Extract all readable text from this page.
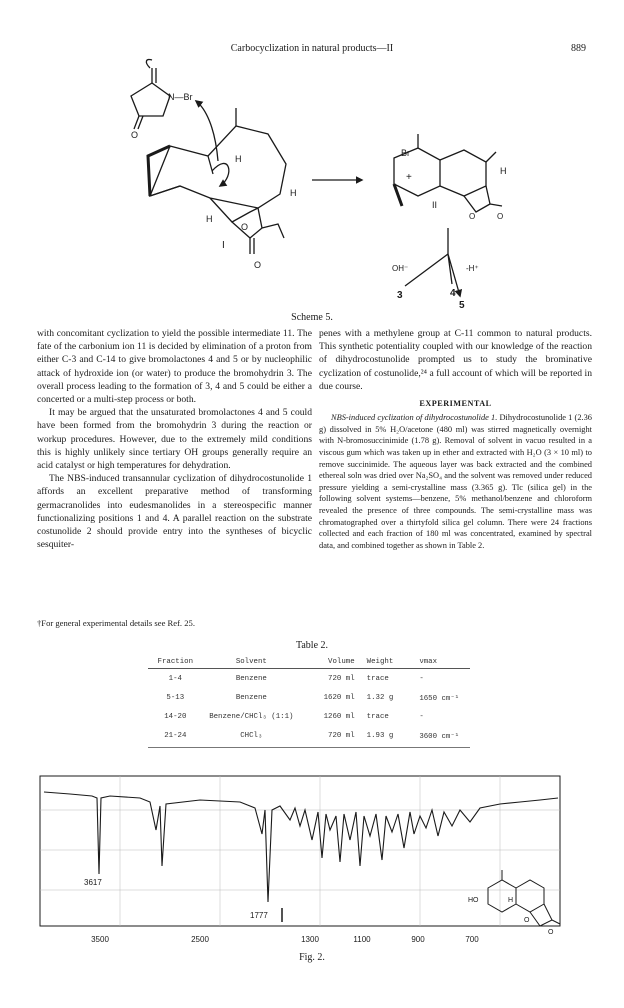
Carbocyclization in natural products—II	889
N—Br
O
H
H
H
O
O
I
Br
+
H
O	O
II
OH⁻	-H⁺
3	4
5
Scheme 5.

with concomitant cyclization to yield the possible intermediate 11. The fate of the carbonium ion 11 is decided by elimination of a proton from either C-3 and C-14 to give bromolactones 4 and 5 or by nucleophilic attack of hydroxide ion (or water) to produce the bromohydrin 3. The overall process leading to the formation of 3, 4 and 5 could be either a concerted or a multi-step process or both.

It may be argued that the unsaturated bromolactones 4 and 5 could have been formed from the bromohydrin 3 during the reaction or workup procedures. However, due to the extremely mild conditions this is highly unlikely since tertiary OH groups generally require an acid catalyst or high temperatures for dehydration.

The NBS-induced transannular cyclization of dihydrocostunolide 1 affords an excellent preparative method of transforming germacranolides into eudesmanolides in a stereospecific manner functionalizing positions 1 and 4. A parallel reaction on the substrate costunolide 2 should provide entry into the syntheses of bicyclic sesquiter-

penes with a methylene group at C-11 common to natural products. This synthetic potentiality coupled with our knowledge of the reaction of dihydrocostunolide prompted us to study the brominative cyclization of costunolide,²⁴ a full account of which will be reported in due course.

EXPERIMENTAL

NBS-induced cyclization of dihydrocostunolide 1. Dihydrocostunolide 1 (2.36 g) dissolved in 5% H₂O/acetone (480 ml) was stirred magnetically overnight with N-bromosuccinimide (1.78 g). Removal of solvent in vacuo resulted in a viscous gum which was taken up in ether and extracted with H₂O (3 × 10 ml) to remove succinimide. The aqueous layer was back extracted and the combined ethereal soln was dried over Na₂SO₄ and the solvent was removed under reduced pressure yielding a semi-crystalline mass (3.365 g). Tlc (silica gel) in the following solvent systems—benzene, 5% methanol/benzene and chloroform revealed the presence of three compounds. The semi-crystalline mass was chromatographed over a thirtyfold silica gel column. There were 24 fractions collected and each fraction of 180 ml was concentrated, examined by spectral data, and combined together as shown in Table 2.

†For general experimental details see Ref. 25.
Table 2.
Fraction	Solvent	Volume	Weight	νmax
1-4	Benzene	720 ml	trace	-
5-13	Benzene	1620 ml	1.32 g	1650 cm⁻¹
14-20	Benzene/CHCl₃ (1:1)	1260 ml	trace	-
21-24	CHCl₃	720 ml	1.93 g	3600 cm⁻¹
3617
1777
HO	H
O
O
3500	2500	1300	1100	900	700
Fig. 2.
